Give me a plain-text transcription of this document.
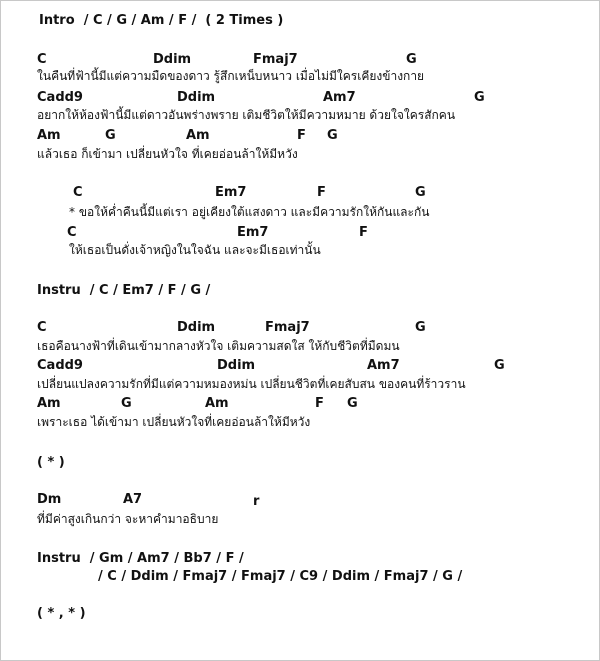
Intro  / C / G / Am / F /  ( 2 Times )
C	Ddim	Fmaj7	G
ในคืนที่ฟ้านี้มีแต่ความมืดของดาว รู้สึกเหน็บหนาว เมื่อไม่มีใครเคียงข้างกาย
Cadd9	Ddim	Am7	G
อยากให้ห้องฟ้านี้มีแต่ดาวอันพร่างพราย เติมชีวิตให้มีความหมาย ด้วยใจใครสักคน
Am	G	Am	F G
แล้วเธอ ก็เข้ามา เปลี่ยนหัวใจ ที่เคยอ่อนล้าให้มีหวัง
C	Em7	F	G
* ขอให้ค่ำคืนนี้มีแต่เรา อยู่เคียงใต้แสงดาว และมีความรักให้กันและกัน
C	Em7	F
ให้เธอเป็นดั่งเจ้าหญิงในใจฉัน และจะมีเธอเท่านั้น
Instru  / C / Em7 / F / G /
C	Ddim	Fmaj7	G
เธอคือนางฟ้าที่เดินเข้ามากลางหัวใจ เติมความสดใส ให้กับชีวิตที่มืดมน
Cadd9	Ddim	Am7	G
เปลี่ยนแปลงความรักที่มีแต่ความหมองหม่น เปลี่ยนชีวิตที่เคยสับสน ของคนที่ร้าวราน
Am	G	Am	F G
เพราะเธอ ได้เข้ามา เปลี่ยนหัวใจที่เคยอ่อนล้าให้มีหวัง
( * )
Dm	A7	r
ที่มีค่าสูงเกินกว่า จะหาคำมาอธิบาย
Instru  / Gm / Am7 / Bb7 / F /
/ C / Ddim / Fmaj7 / Fmaj7 / C9 / Ddim / Fmaj7 / G /
( * , * )
